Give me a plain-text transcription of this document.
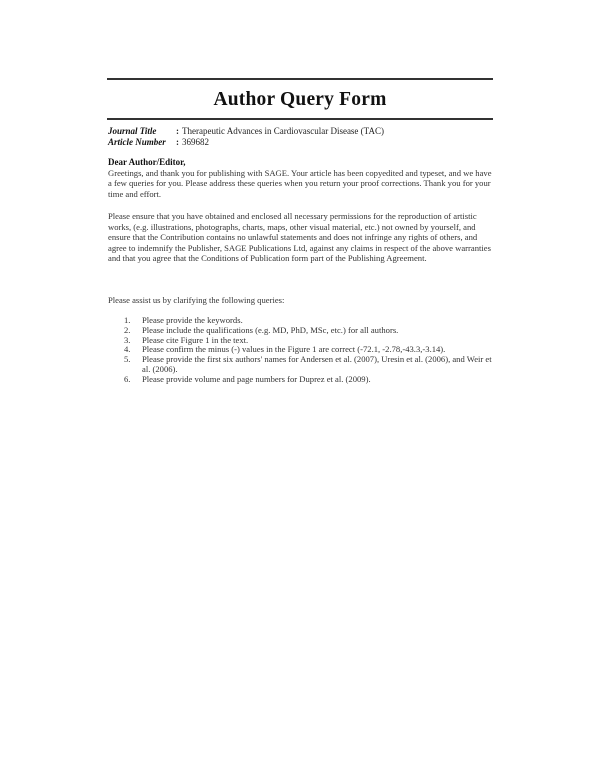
Author Query Form
Journal Title	: Therapeutic Advances in Cardiovascular Disease (TAC)
Article Number	: 369682
Dear Author/Editor,
Greetings, and thank you for publishing with SAGE. Your article has been copyedited and typeset, and we have a few queries for you. Please address these queries when you return your proof corrections. Thank you for your time and effort.
Please ensure that you have obtained and enclosed all necessary permissions for the reproduction of artistic works, (e.g. illustrations, photographs, charts, maps, other visual material, etc.) not owned by yourself, and ensure that the Contribution contains no unlawful statements and does not infringe any rights of others, and agree to indemnify the Publisher, SAGE Publications Ltd, against any claims in respect of the above warranties and that you agree that the Conditions of Publication form part of the Publishing Agreement.
Please assist us by clarifying the following queries:
1.	Please provide the keywords.
2.	Please include the qualifications (e.g. MD, PhD, MSc, etc.) for all authors.
3.	Please cite Figure 1 in the text.
4.	Please confirm the minus (-) values in the Figure 1 are correct (-72.1, -2.78,-43.3,-3.14).
5.	Please provide the first six authors' names for Andersen et al. (2007), Uresin et al. (2006), and Weir et al. (2006).
6.	Please provide volume and page numbers for Duprez et al. (2009).
